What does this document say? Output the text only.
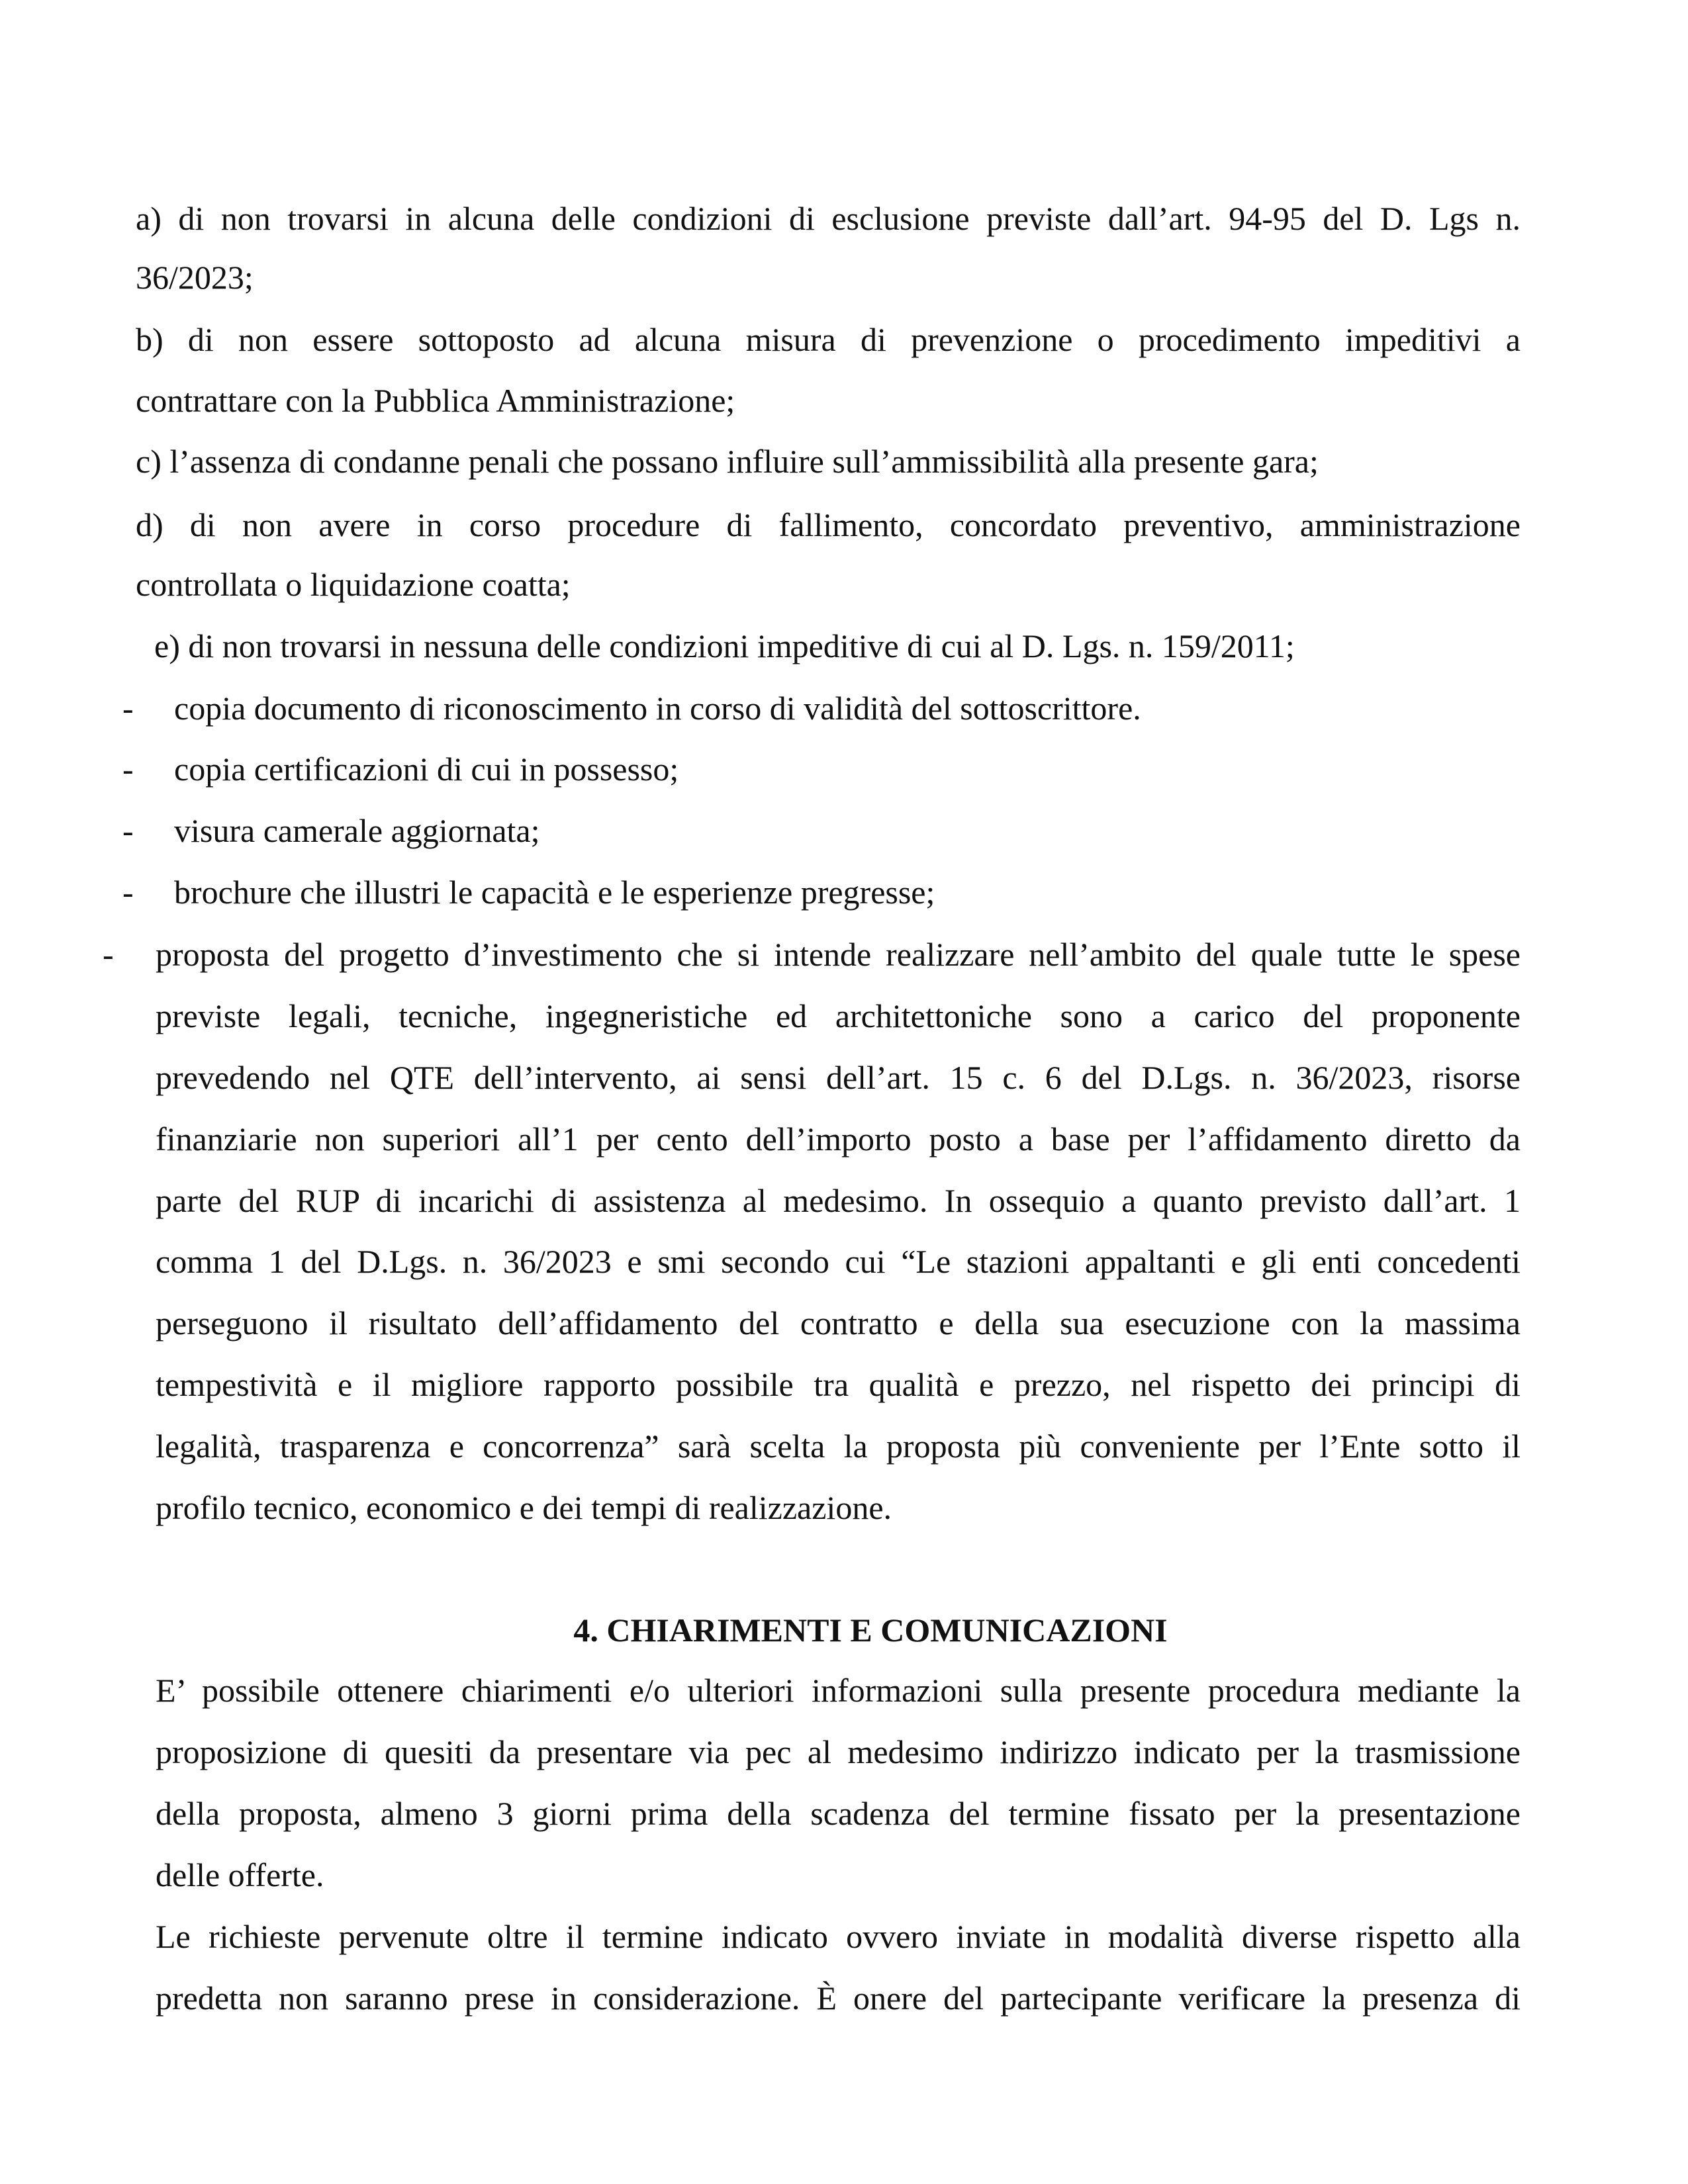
a) di non trovarsi in alcuna delle condizioni di esclusione previste dall’art. 94-95 del D. Lgs n.
36/2023;
b) di non essere sottoposto ad alcuna misura di prevenzione o procedimento impeditivi a
contrattare con la Pubblica Amministrazione;
c) l’assenza di condanne penali che possano influire sull’ammissibilità alla presente gara;
d) di non avere in corso procedure di fallimento, concordato preventivo, amministrazione
controllata o liquidazione coatta;
e) di non trovarsi in nessuna delle condizioni impeditive di cui al D. Lgs. n. 159/2011;
- copia documento di riconoscimento in corso di validità del sottoscrittore.
- copia certificazioni di cui in possesso;
- visura camerale aggiornata;
- brochure che illustri le capacità e le esperienze pregresse;
- proposta del progetto d’investimento che si intende realizzare nell’ambito del quale tutte le spese
previste legali, tecniche, ingegneristiche ed architettoniche sono a carico del proponente
prevedendo nel QTE dell’intervento, ai sensi dell’art. 15 c. 6 del D.Lgs. n. 36/2023, risorse
finanziarie non superiori all’1 per cento dell’importo posto a base per l’affidamento diretto da
parte del RUP di incarichi di assistenza al medesimo. In ossequio a quanto previsto dall’art. 1
comma 1 del D.Lgs. n. 36/2023 e smi secondo cui “Le stazioni appaltanti e gli enti concedenti
perseguono il risultato dell’affidamento del contratto e della sua esecuzione con la massima
tempestività e il migliore rapporto possibile tra qualità e prezzo, nel rispetto dei principi di
legalità, trasparenza e concorrenza” sarà scelta la proposta più conveniente per l’Ente sotto il
profilo tecnico, economico e dei tempi di realizzazione.
4. CHIARIMENTI E COMUNICAZIONI
E’ possibile ottenere chiarimenti e/o ulteriori informazioni sulla presente procedura mediante la
proposizione di quesiti da presentare via pec al medesimo indirizzo indicato per la trasmissione
della proposta, almeno 3 giorni prima della scadenza del termine fissato per la presentazione
delle offerte.
Le richieste pervenute oltre il termine indicato ovvero inviate in modalità diverse rispetto alla
predetta non saranno prese in considerazione. È onere del partecipante verificare la presenza di
